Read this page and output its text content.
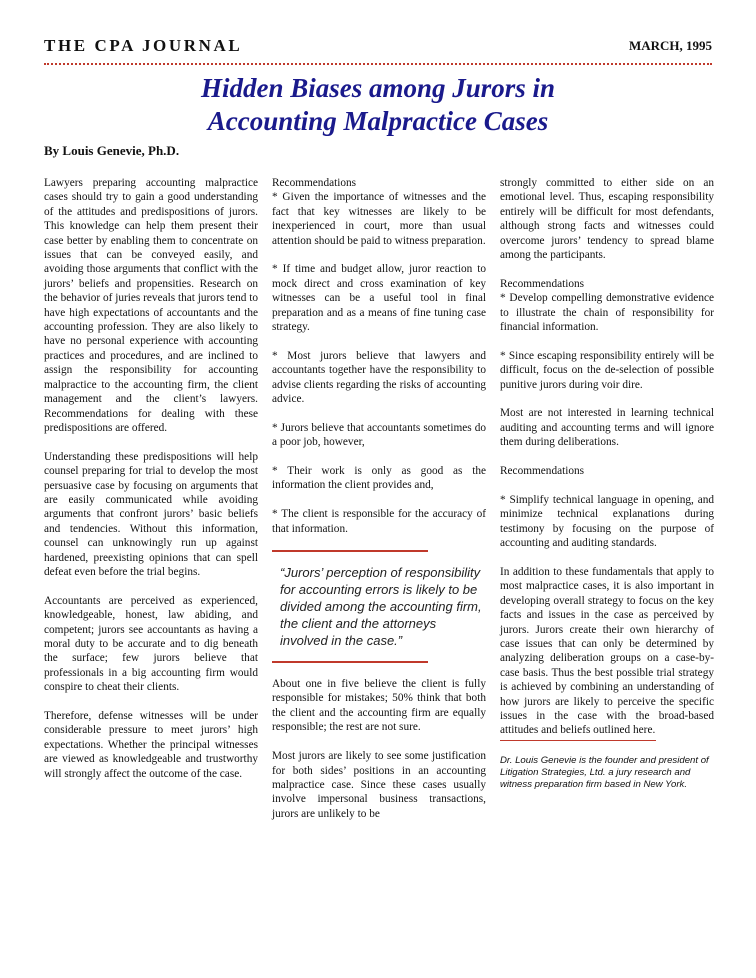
THE CPA JOURNAL	MARCH, 1995
Hidden Biases among Jurors in
Accounting Malpractice Cases
By Louis Genevie, Ph.D.

Lawyers preparing accounting malpractice cases should try to gain a good understanding of the attitudes and predispositions of jurors. This knowledge can help them present their case better by enabling them to concentrate on issues that can be conveyed easily, and avoiding those arguments that conflict with the jurors’ beliefs and propensities. Research on the behavior of juries reveals that jurors tend to have high expectations of accountants and the accounting profession. They are also likely to have no personal experience with accounting practices and procedures, and are inclined to assign the responsibility for accounting malpractice to the accounting firm, the client management and the client’s lawyers. Recommendations for dealing with these predispositions are offered.

Understanding these predispositions will help counsel preparing for trial to develop the most persuasive case by focusing on arguments that are easily communicated while avoiding arguments that confront jurors’ basic beliefs and tendencies. Without this information, counsel can unknowingly run up against hardened, preexisting opinions that can spell defeat even before the trial begins.

Accountants are perceived as experienced, knowledgeable, honest, law abiding, and competent; jurors see accountants as having a moral duty to be accurate and to dig beneath the surface; few jurors believe that professionals in a big accounting firm would conspire to cheat their clients.

Therefore, defense witnesses will be under considerable pressure to meet jurors’ high expectations. Whether the principal witnesses are viewed as knowledgeable and trustworthy will strongly affect the outcome of the case.

Recommendations

* Given the importance of witnesses and the fact that key witnesses are likely to be inexperienced in court, more than usual attention should be paid to witness preparation.

* If time and budget allow, juror reaction to mock direct and cross examination of key witnesses can be a useful tool in final preparation and as a means of fine tuning case strategy.

* Most jurors believe that lawyers and accountants together have the responsibility to advise clients regarding the risks of accounting advice.

* Jurors believe that accountants sometimes do a poor job, however,

* Their work is only as good as the information the client provides and,

* The client is responsible for the accuracy of that information.

“Jurors’ perception of responsibility for accounting errors is likely to be divided among the accounting firm, the client and the attorneys involved in the case.”

About one in five believe the client is fully responsible for mistakes; 50% think that both the client and the accounting firm are equally responsible; the rest are not sure.

Most jurors are likely to see some justification for both sides’ positions in an accounting malpractice case. Since these cases usually involve impersonal business transactions, jurors are unlikely to be

strongly committed to either side on an emotional level. Thus, escaping responsibility entirely will be difficult for most defendants, although strong facts and witnesses could overcome jurors’ tendency to spread blame among the participants.

Recommendations

* Develop compelling demonstrative evidence to illustrate the chain of responsibility for financial information.

* Since escaping responsibility entirely will be difficult, focus on the de-selection of possible punitive jurors during voir dire.

Most are not interested in learning technical auditing and accounting terms and will ignore them during deliberations.

Recommendations

* Simplify technical language in opening, and minimize technical explanations during testimony by focusing on the purpose of accounting and auditing standards.

In addition to these fundamentals that apply to most malpractice cases, it is also important in developing overall strategy to focus on the key facts and issues in the case as perceived by jurors. Jurors create their own hierarchy of case issues that can only be determined by analyzing deliberation groups on a case-by-case basis. Thus the best possible trial strategy is achieved by combining an understanding of how jurors are likely to perceive the specific issues in the case with the broad-based attitudes and beliefs outlined here.

Dr. Louis Genevie is the founder and president of Litigation Strategies, Ltd. a jury research and witness preparation firm based in New York.
